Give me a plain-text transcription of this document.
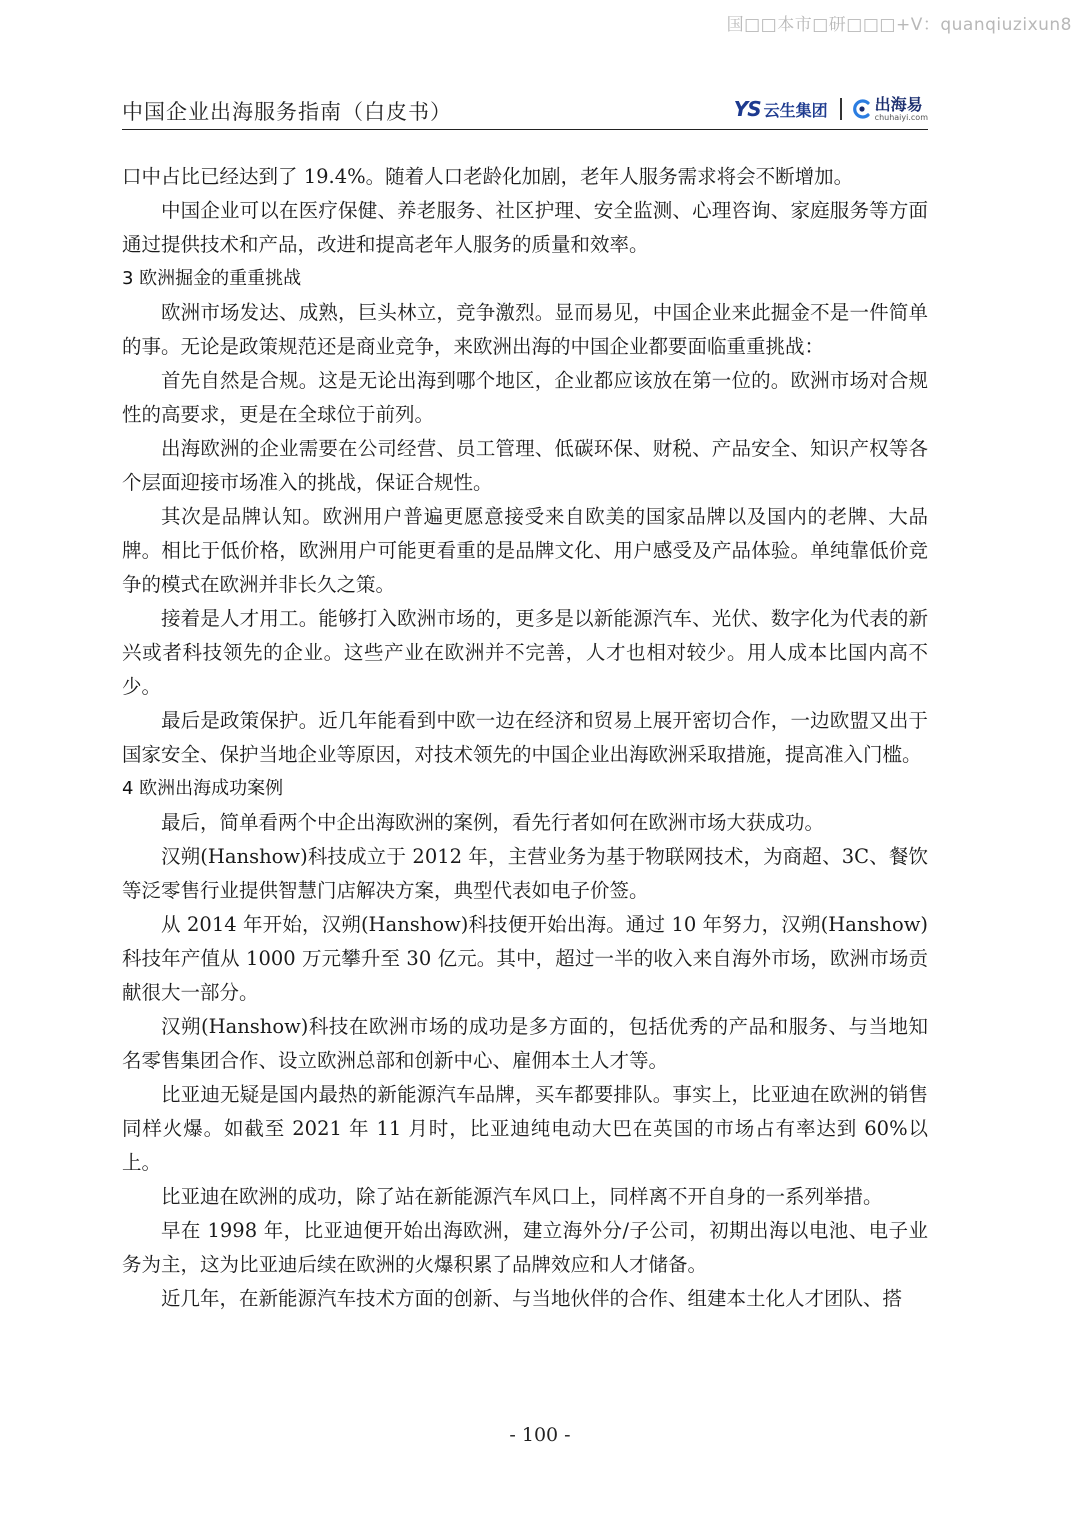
国□□本市□研□□□+V：quanqiuzixun8
中国企业出海服务指南（白皮书）	YS 云生集团	出海易
chuhaiyi.com

口中占比已经达到了 19.4%。随着人口老龄化加剧，老年人服务需求将会不断增加。

中国企业可以在医疗保健、养老服务、社区护理、安全监测、心理咨询、家庭服务等方面通过提供技术和产品，改进和提高老年人服务的质量和效率。

3 欧洲掘金的重重挑战

欧洲市场发达、成熟，巨头林立，竞争激烈。显而易见，中国企业来此掘金不是一件简单的事。无论是政策规范还是商业竞争，来欧洲出海的中国企业都要面临重重挑战：

首先自然是合规。这是无论出海到哪个地区，企业都应该放在第一位的。欧洲市场对合规性的高要求，更是在全球位于前列。

出海欧洲的企业需要在公司经营、员工管理、低碳环保、财税、产品安全、知识产权等各个层面迎接市场准入的挑战，保证合规性。

其次是品牌认知。欧洲用户普遍更愿意接受来自欧美的国家品牌以及国内的老牌、大品牌。相比于低价格，欧洲用户可能更看重的是品牌文化、用户感受及产品体验。单纯靠低价竞争的模式在欧洲并非长久之策。

接着是人才用工。能够打入欧洲市场的，更多是以新能源汽车、光伏、数字化为代表的新兴或者科技领先的企业。这些产业在欧洲并不完善，人才也相对较少。用人成本比国内高不少。

最后是政策保护。近几年能看到中欧一边在经济和贸易上展开密切合作，一边欧盟又出于国家安全、保护当地企业等原因，对技术领先的中国企业出海欧洲采取措施，提高准入门槛。

4 欧洲出海成功案例

最后，简单看两个中企出海欧洲的案例，看先行者如何在欧洲市场大获成功。

汉朔(Hanshow)科技成立于 2012 年，主营业务为基于物联网技术，为商超、3C、餐饮等泛零售行业提供智慧门店解决方案，典型代表如电子价签。

从 2014 年开始，汉朔(Hanshow)科技便开始出海。通过 10 年努力，汉朔(Hanshow)科技年产值从 1000 万元攀升至 30 亿元。其中，超过一半的收入来自海外市场，欧洲市场贡献很大一部分。

汉朔(Hanshow)科技在欧洲市场的成功是多方面的，包括优秀的产品和服务、与当地知名零售集团合作、设立欧洲总部和创新中心、雇佣本土人才等。

比亚迪无疑是国内最热的新能源汽车品牌，买车都要排队。事实上，比亚迪在欧洲的销售同样火爆。如截至 2021 年 11 月时，比亚迪纯电动大巴在英国的市场占有率达到 60%以上。

比亚迪在欧洲的成功，除了站在新能源汽车风口上，同样离不开自身的一系列举措。

早在 1998 年，比亚迪便开始出海欧洲，建立海外分/子公司，初期出海以电池、电子业务为主，这为比亚迪后续在欧洲的火爆积累了品牌效应和人才储备。

近几年，在新能源汽车技术方面的创新、与当地伙伴的合作、组建本土化人才团队、搭

- 100 -
